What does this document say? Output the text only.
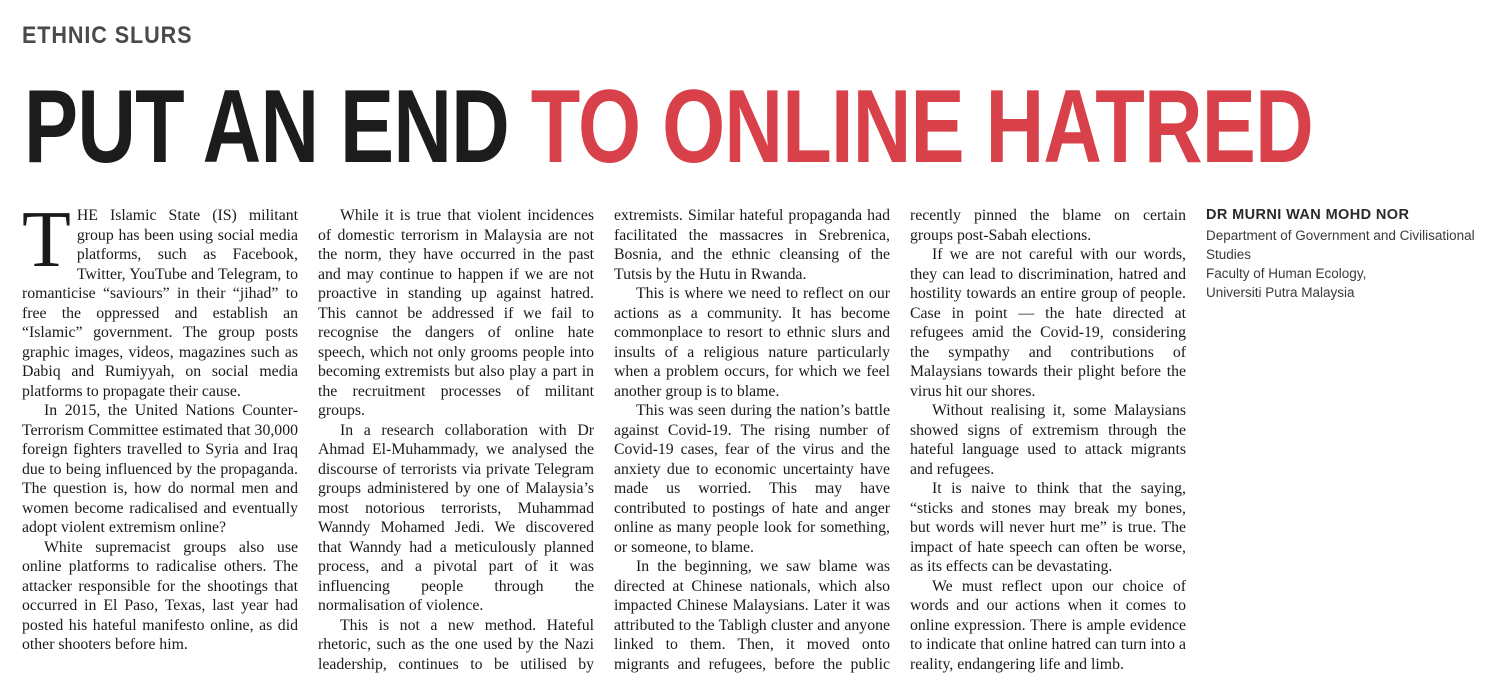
ETHNIC SLURS
PUT AN END TO ONLINE HATRED

THE Islamic State (IS) militant group has been using social media platforms, such as Facebook, Twitter, YouTube and Telegram, to romanticise “saviours” in their “jihad” to free the oppressed and establish an “Islamic” government. The group posts graphic images, videos, magazines such as Dabiq and Rumiyyah, on social media platforms to propagate their cause.

In 2015, the United Nations Counter-Terrorism Committee estimated that 30,000 foreign fighters travelled to Syria and Iraq due to being influenced by the propaganda. The question is, how do normal men and women become radicalised and eventually adopt violent extremism online?

White supremacist groups also use online platforms to radicalise others. The attacker responsible for the shootings that occurred in El Paso, Texas, last year had posted his hateful manifesto online, as did other shooters before him.

While it is true that violent incidences of domestic terrorism in Malaysia are not the norm, they have occurred in the past and may continue to happen if we are not proactive in standing up against hatred. This cannot be addressed if we fail to recognise the dangers of online hate speech, which not only grooms people into becoming extremists but also play a part in the recruitment processes of militant groups.

In a research collaboration with Dr Ahmad El-Muhammady, we analysed the discourse of terrorists via private Telegram groups administered by one of Malaysia’s most notorious terrorists, Muhammad Wanndy Mohamed Jedi. We discovered that Wanndy had a meticulously planned process, and a pivotal part of it was influencing people through the normalisation of violence.

This is not a new method. Hateful rhetoric, such as the one used by the Nazi leadership, continues to be utilised by extremists. Similar hateful propaganda had facilitated the massacres in Srebrenica, Bosnia, and the ethnic cleansing of the Tutsis by the Hutu in Rwanda.

This is where we need to reflect on our actions as a community. It has become commonplace to resort to ethnic slurs and insults of a religious nature particularly when a problem occurs, for which we feel another group is to blame.

This was seen during the nation’s battle against Covid-19. The rising number of Covid-19 cases, fear of the virus and the anxiety due to economic uncertainty have made us worried. This may have contributed to postings of hate and anger online as many people look for something, or someone, to blame.

In the beginning, we saw blame was directed at Chinese nationals, which also impacted Chinese Malaysians. Later it was attributed to the Tabligh cluster and anyone linked to them. Then, it moved onto migrants and refugees, before the public recently pinned the blame on certain groups post-Sabah elections.

If we are not careful with our words, they can lead to discrimination, hatred and hostility towards an entire group of people. Case in point — the hate directed at refugees amid the Covid-19, considering the sympathy and contributions of Malaysians towards their plight before the virus hit our shores.

Without realising it, some Malaysians showed signs of extremism through the hateful language used to attack migrants and refugees.

It is naive to think that the saying, “sticks and stones may break my bones, but words will never hurt me” is true. The impact of hate speech can often be worse, as its effects can be devastating.

We must reflect upon our choice of words and our actions when it comes to online expression. There is ample evidence to indicate that online hatred can turn into a reality, endangering life and limb.

DR MURNI WAN MOHD NOR
Department of Government and Civilisational Studies
Faculty of Human Ecology,
Universiti Putra Malaysia
